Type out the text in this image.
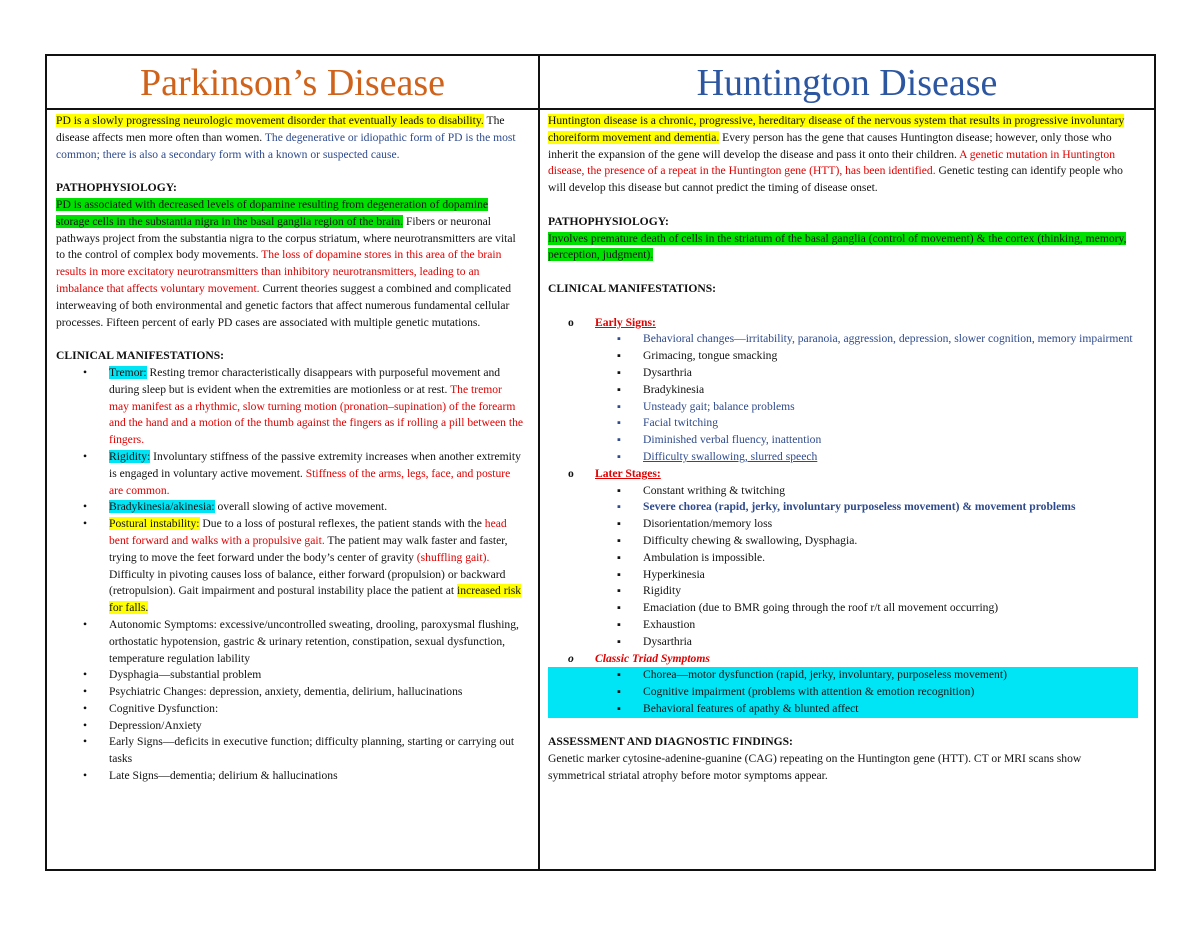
Parkinson’s Disease	Huntington Disease

PD is a slowly progressing neurologic movement disorder that eventually leads to disability. The disease affects men more often than women. The degenerative or idiopathic form of PD is the most common; there is also a secondary form with a known or suspected cause.

PATHOPHYSIOLOGY:

PD is associated with decreased levels of dopamine resulting from degeneration of dopamine storage cells in the substantia nigra in the basal ganglia region of the brain. Fibers or neuronal pathways project from the substantia nigra to the corpus striatum, where neurotransmitters are vital to the control of complex body movements. The loss of dopamine stores in this area of the brain results in more excitatory neurotransmitters than inhibitory neurotransmitters, leading to an imbalance that affects voluntary movement. Current theories suggest a combined and complicated interweaving of both environmental and genetic factors that affect numerous fundamental cellular processes. Fifteen percent of early PD cases are associated with multiple genetic mutations.

CLINICAL MANIFESTATIONS:

• Tremor: Resting tremor characteristically disappears with purposeful movement and during sleep but is evident when the extremities are motionless or at rest. The tremor may manifest as a rhythmic, slow turning motion (pronation–supination) of the forearm and the hand and a motion of the thumb against the fingers as if rolling a pill between the fingers.
• Rigidity: Involuntary stiffness of the passive extremity increases when another extremity is engaged in voluntary active movement. Stiffness of the arms, legs, face, and posture are common.
• Bradykinesia/akinesia: overall slowing of active movement.
• Postural instability: Due to a loss of postural reflexes, the patient stands with the head bent forward and walks with a propulsive gait. The patient may walk faster and faster, trying to move the feet forward under the body’s center of gravity (shuffling gait). Difficulty in pivoting causes loss of balance, either forward (propulsion) or backward (retropulsion). Gait impairment and postural instability place the patient at increased risk for falls.
• Autonomic Symptoms: excessive/uncontrolled sweating, drooling, paroxysmal flushing, orthostatic hypotension, gastric & urinary retention, constipation, sexual dysfunction, temperature regulation lability
• Dysphagia—substantial problem
• Psychiatric Changes: depression, anxiety, dementia, delirium, hallucinations
• Cognitive Dysfunction:
• Depression/Anxiety
• Early Signs—deficits in executive function; difficulty planning, starting or carrying out tasks
• Late Signs—dementia; delirium & hallucinations

Huntington disease is a chronic, progressive, hereditary disease of the nervous system that results in progressive involuntary choreiform movement and dementia. Every person has the gene that causes Huntington disease; however, only those who inherit the expansion of the gene will develop the disease and pass it onto their children. A genetic mutation in Huntington disease, the presence of a repeat in the Huntington gene (HTT), has been identified. Genetic testing can identify people who will develop this disease but cannot predict the timing of disease onset.

PATHOPHYSIOLOGY:

Involves premature death of cells in the striatum of the basal ganglia (control of movement) & the cortex (thinking, memory, perception, judgment).

CLINICAL MANIFESTATIONS:

o Early Signs:
▪ Behavioral changes—irritability, paranoia, aggression, depression, slower cognition, memory impairment
▪ Grimacing, tongue smacking
▪ Dysarthria
▪ Bradykinesia
▪ Unsteady gait; balance problems
▪ Facial twitching
▪ Diminished verbal fluency, inattention
▪ Difficulty swallowing, slurred speech
o Later Stages:
▪ Constant writhing & twitching
▪ Severe chorea (rapid, jerky, involuntary purposeless movement) & movement problems
▪ Disorientation/memory loss
▪ Difficulty chewing & swallowing, Dysphagia.
▪ Ambulation is impossible.
▪ Hyperkinesia
▪ Rigidity
▪ Emaciation (due to BMR going through the roof r/t all movement occurring)
▪ Exhaustion
▪ Dysarthria
o Classic Triad Symptoms
▪ Chorea—motor dysfunction (rapid, jerky, involuntary, purposeless movement)
▪ Cognitive impairment (problems with attention & emotion recognition)
▪ Behavioral features of apathy & blunted affect

ASSESSMENT AND DIAGNOSTIC FINDINGS:

Genetic marker cytosine-adenine-guanine (CAG) repeating on the Huntington gene (HTT). CT or MRI scans show symmetrical striatal atrophy before motor symptoms appear.
